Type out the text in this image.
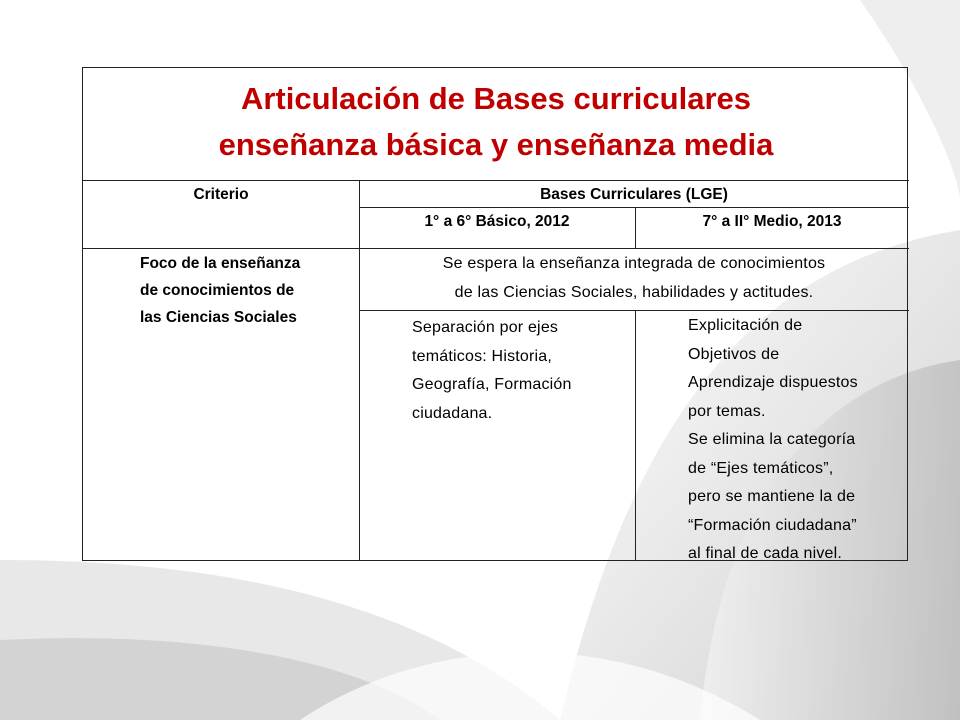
Articulación de Bases curriculares
enseñanza básica y enseñanza media
Criterio	Bases Curriculares (LGE)
1° a 6° Básico, 2012	7° a II° Medio, 2013
Foco de la enseñanza
de conocimientos de
las Ciencias Sociales
Se espera la enseñanza integrada de conocimientos
de las Ciencias Sociales, habilidades y actitudes.
Separación por ejes
temáticos: Historia,
Geografía, Formación
ciudadana.
Explicitación de
Objetivos de
Aprendizaje dispuestos
por temas.
Se elimina la categoría
de “Ejes temáticos”,
pero se mantiene la de
“Formación ciudadana”
al final de cada nivel.
